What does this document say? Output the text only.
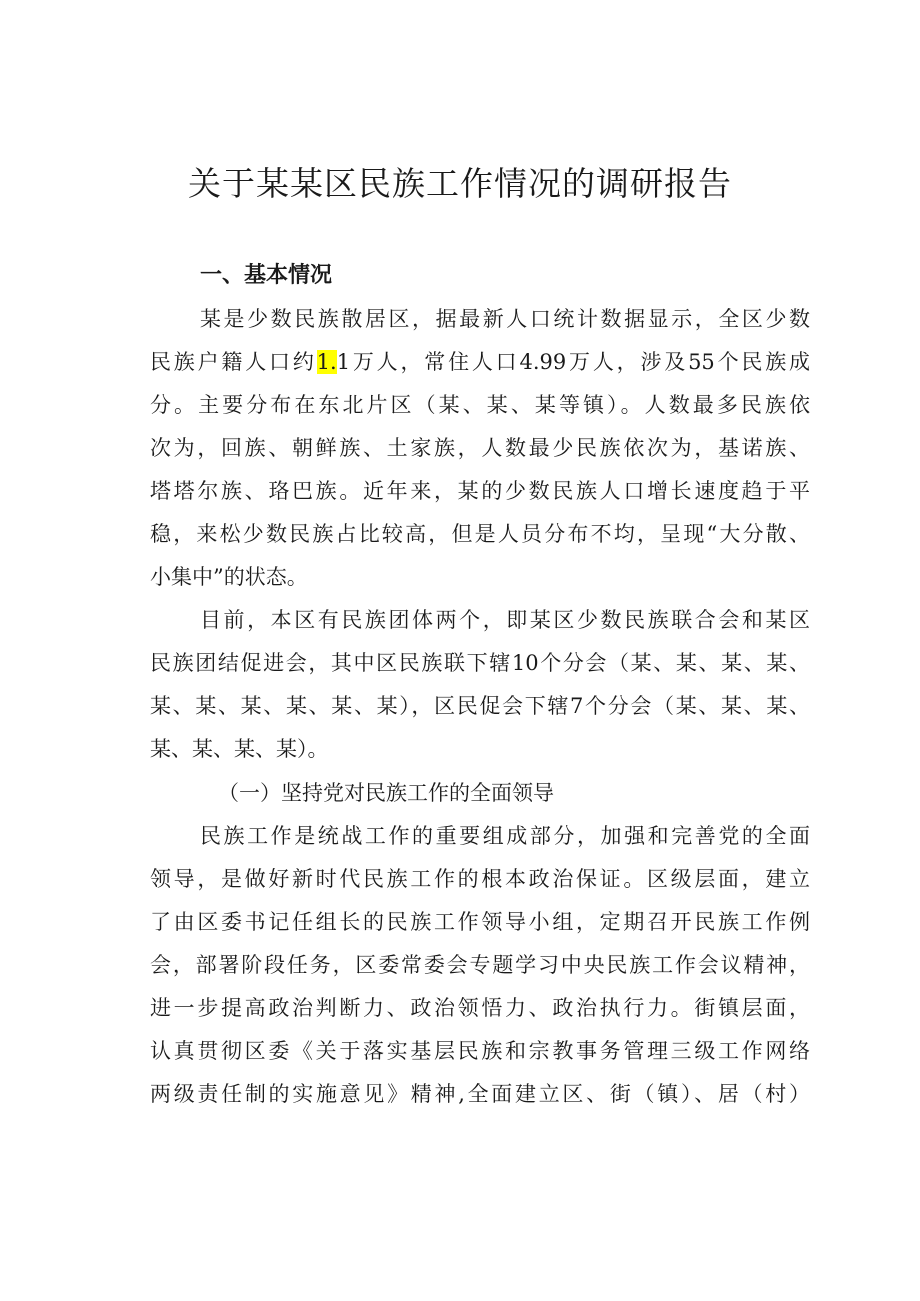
关于某某区民族工作情况的调研报告
一、基本情况
某是少数民族散居区，据最新人口统计数据显示，全区少数
民族户籍人口约1.1万人，常住人口4.99万人，涉及55个民族成
分。主要分布在东北片区（某、某、某等镇）。人数最多民族依
次为，回族、朝鲜族、土家族，人数最少民族依次为，基诺族、
塔塔尔族、珞巴族。近年来，某的少数民族人口增长速度趋于平
稳，来松少数民族占比较高，但是人员分布不均，呈现“大分散、
小集中”的状态。
目前，本区有民族团体两个，即某区少数民族联合会和某区
民族团结促进会，其中区民族联下辖10个分会（某、某、某、某、
某、某、某、某、某、某），区民促会下辖7个分会（某、某、某、
某、某、某、某）。
（一）坚持党对民族工作的全面领导
民族工作是统战工作的重要组成部分，加强和完善党的全面
领导，是做好新时代民族工作的根本政治保证。区级层面，建立
了由区委书记任组长的民族工作领导小组，定期召开民族工作例
会，部署阶段任务，区委常委会专题学习中央民族工作会议精神，
进一步提高政治判断力、政治领悟力、政治执行力。街镇层面，
认真贯彻区委《关于落实基层民族和宗教事务管理三级工作网络
两级责任制的实施意见》精神,全面建立区、街（镇）、居（村）
